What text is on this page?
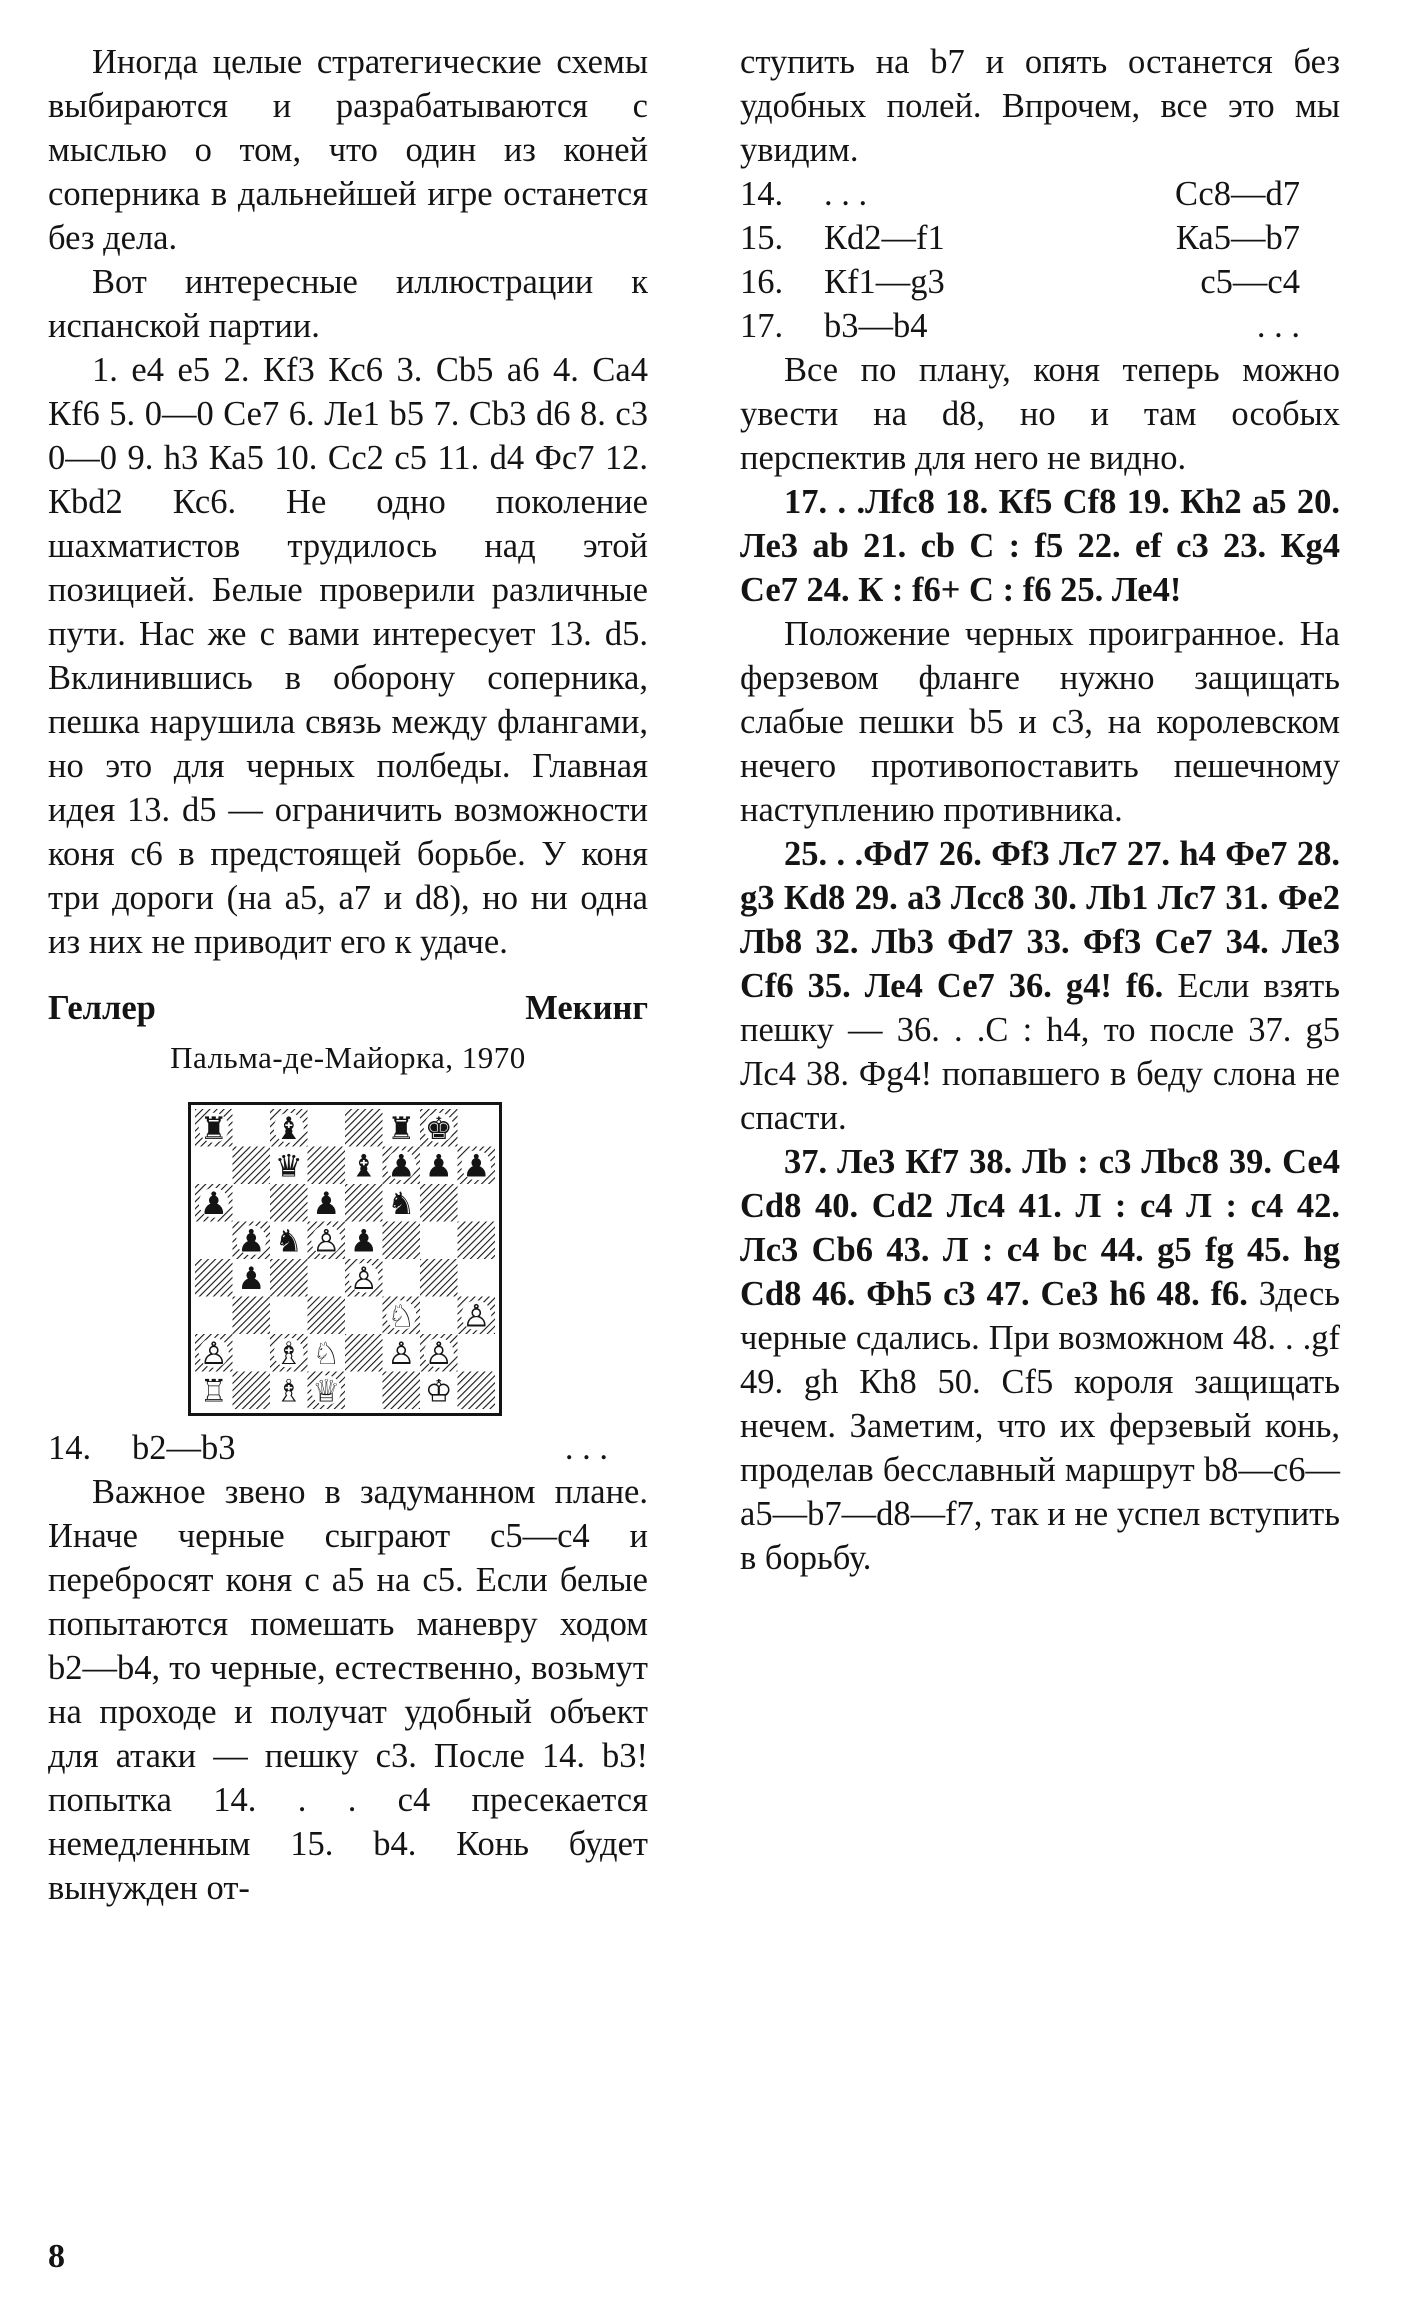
Иногда целые стратегические схемы выбираются и разрабатываются с мыслью о том, что один из коней соперника в дальнейшей игре останется без дела.

Вот интересные иллюстрации к испанской партии.

1. е4 е5 2. Кf3 Кс6 3. Сb5 а6 4. Са4 Кf6 5. 0—0 Се7 6. Ле1 b5 7. Сb3 d6 8. с3 0—0 9. h3 Ка5 10. Сс2 с5 11. d4 Фс7 12. Кbd2 Кс6. Не одно поколение шахматистов трудилось над этой позицией. Белые проверили различные пути. Нас же с вами интересует 13. d5. Вклинившись в оборону соперника, пешка нарушила связь между флангами, но это для черных полбеды. Главная идея 13. d5 — ограничить возможности коня с6 в предстоящей борьбе. У коня три дороги (на а5, а7 и d8), но ни одна из них не приводит его к удаче.

Геллер	Мекинг
Пальма-де-Майорка, 1970
♜ ♝	♜ ♚
♛ ♝ ♟ ♟ ♟
♟	♟ ♞
♟ ♞ ♙ ♟
♟	♙
♘ ♙
♙ ♗ ♘ ♙ ♙
♖ ♗ ♕	♔
14.	b2—b3	. . .

Важное звено в задуманном плане. Иначе черные сыграют с5—с4 и перебросят коня с а5 на с5. Если белые попытаются помешать маневру ходом b2—b4, то черные, естественно, возьмут на проходе и получат удобный объект для атаки — пешку с3. После 14. b3! попытка 14. . . с4 пресекается немедленным 15. b4. Конь будет вынужден от-

ступить на b7 и опять останется без удобных полей. Впрочем, все это мы увидим.

14.	. . .	Сс8—d7
15.	Кd2—f1	Ка5—b7
16.	Кf1—g3	с5—с4
17.	b3—b4	. . .

Все по плану, коня теперь можно увести на d8, но и там особых перспектив для него не видно.

17. . .Лfс8 18. Кf5 Сf8 19. Кh2 а5 20. Ле3 аb 21. сb С : f5 22. еf с3 23. Кg4 Се7 24. К : f6+ С : f6 25. Ле4!

Положение черных проигранное. На ферзевом фланге нужно защищать слабые пешки b5 и с3, на королевском нечего противопоставить пешечному наступлению противника.

25. . .Фd7 26. Фf3 Лс7 27. h4 Фе7 28. g3 Кd8 29. а3 Лсс8 30. Лb1 Лс7 31. Фе2 Лb8 32. Лb3 Фd7 33. Фf3 Се7 34. Ле3 Сf6 35. Ле4 Се7 36. g4! f6. Если взять пешку — 36. . .С : h4, то после 37. g5 Лс4 38. Фg4! попавшего в беду слона не спасти.

37. Ле3 Кf7 38. Лb : с3 Лbс8 39. Се4 Сd8 40. Сd2 Лс4 41. Л : с4 Л : с4 42. Лс3 Сb6 43. Л : с4 bс 44. g5 fg 45. hg Сd8 46. Фh5 с3 47. Се3 h6 48. f6. Здесь черные сдались. При возможном 48. . .gf 49. gh Кh8 50. Сf5 короля защищать нечем. Заметим, что их ферзевый конь, проделав бесславный маршрут b8—с6—а5—b7—d8—f7, так и не успел вступить в борьбу.

8
